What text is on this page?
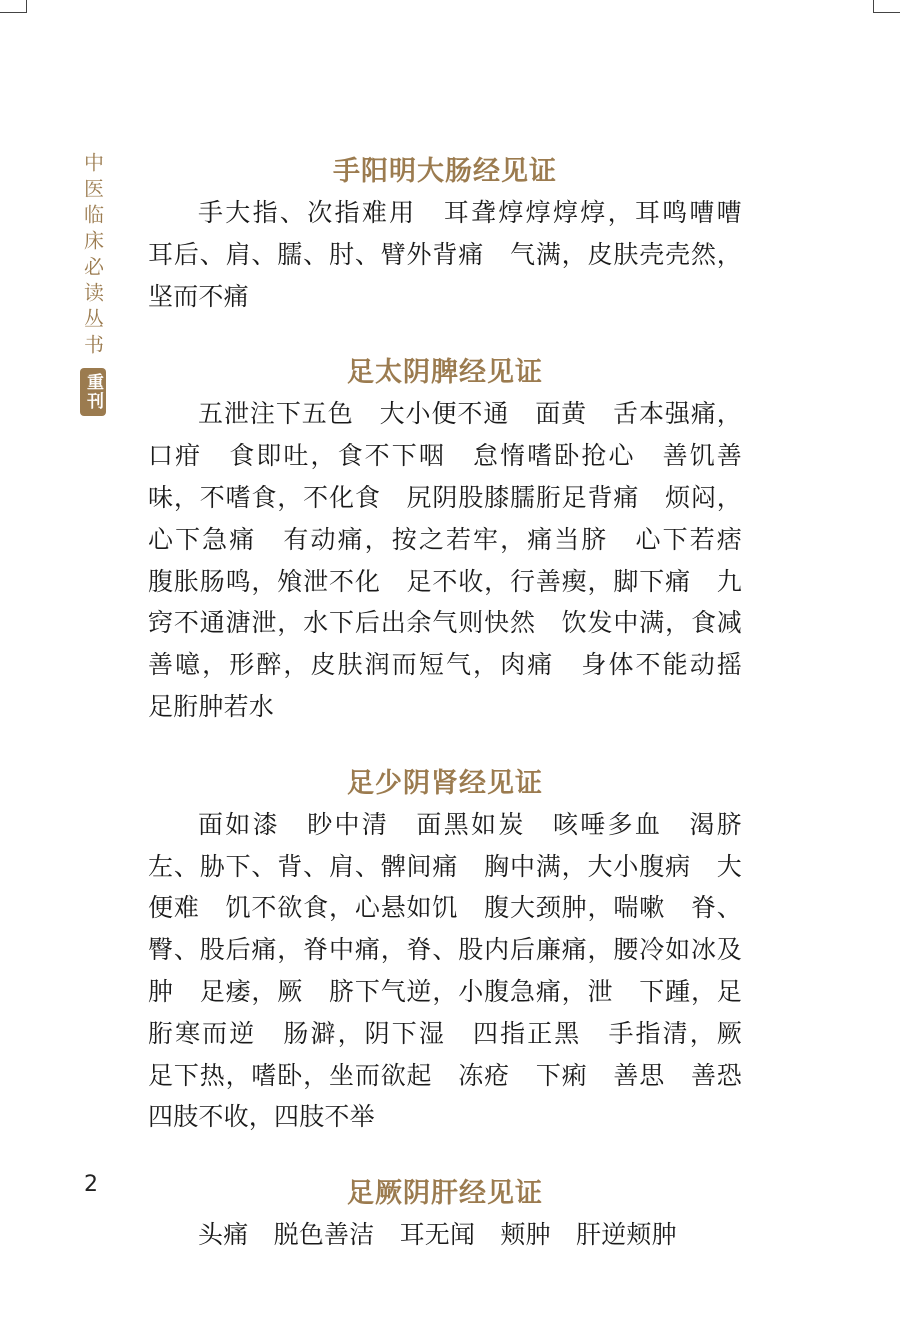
中医临床必读丛书
重刊
手阳明大肠经见证

手大指、次指难用　耳聋焞焞焞焞，耳鸣嘈嘈　耳后、肩、臑、肘、臂外背痛　气满，皮肤壳壳然，坚而不痛

足太阴脾经见证

五泄注下五色　大小便不通　面黄　舌本强痛，口疳　食即吐，食不下咽　怠惰嗜卧抢心　善饥善味，不嗜食，不化食　尻阴股膝臑胻足背痛　烦闷，心下急痛　有动痛，按之若牢，痛当脐　心下若痞　腹胀肠鸣，飧泄不化　足不收，行善瘈，脚下痛　九窍不通溏泄，水下后出余气则快然　饮发中满，食减善噫，形醉，皮肤润而短气，肉痛　身体不能动摇　足胻肿若水

足少阴肾经见证

面如漆　眇中清　面黑如炭　咳唾多血　渴脐左、胁下、背、肩、髀间痛　胸中满，大小腹病　大便难　饥不欲食，心悬如饥　腹大颈肿，喘嗽　脊、臀、股后痛，脊中痛，脊、股内后廉痛，腰冷如冰及肿　足痿，厥　脐下气逆，小腹急痛，泄　下踵，足胻寒而逆　肠澼，阴下湿　四指正黑　手指清，厥　足下热，嗜卧，坐而欲起　冻疮　下痢　善思　善恐　四肢不收，四肢不举

足厥阴肝经见证

头痛　脱色善洁　耳无闻　颊肿　肝逆颊肿

2
